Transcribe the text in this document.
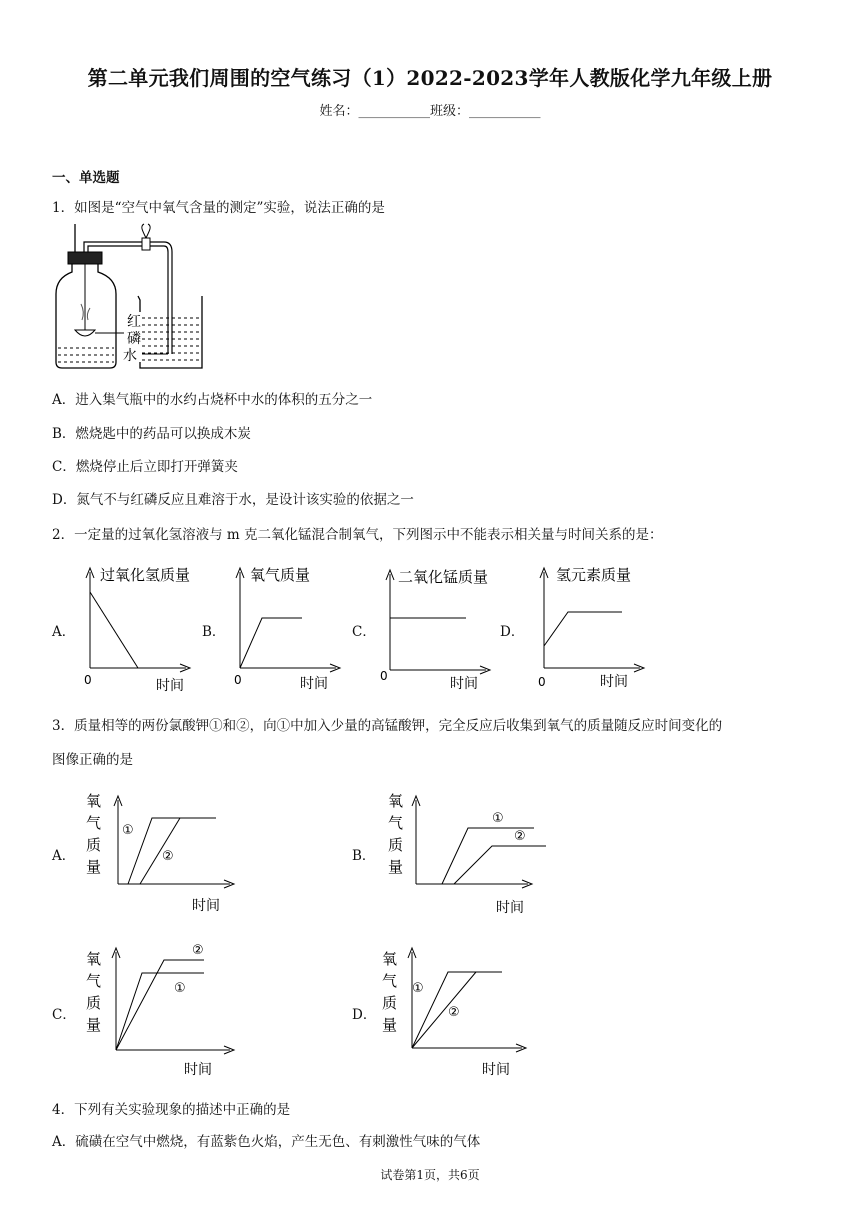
第二单元我们周围的空气练习（1）2022-2023学年人教版化学九年级上册
姓名：___________班级：___________
一、单选题
1．如图是“空气中氧气含量的测定”实验，说法正确的是
红
磷
水
A．进入集气瓶中的水约占烧杯中水的体积的五分之一
B．燃烧匙中的药品可以换成木炭
C．燃烧停止后立即打开弹簧夹
D．氮气不与红磷反应且难溶于水，是设计该实验的依据之一
2．一定量的过氧化氢溶液与 m 克二氧化锰混合制氧气，下列图示中不能表示相关量与时间关系的是：
A．
过氧化氢质量
0	时间
B．
氧气质量
0	时间
C．
二氧化锰质量
0	时间
D．
氢元素质量
0	时间
3．质量相等的两份氯酸钾①和②，向①中加入少量的高锰酸钾，完全反应后收集到氧气的质量随反应时间变化的
图像正确的是
A．
氧
气
质
量
①
②
时间
B．
氧
气
质
量
①
②
时间
C．
氧
气
质
量
②
①
时间
D．
氧
气
质
量
①
②
时间
4．下列有关实验现象的描述中正确的是
A．硫磺在空气中燃烧，有蓝紫色火焰，产生无色、有刺激性气味的气体
试卷第1页，共6页
